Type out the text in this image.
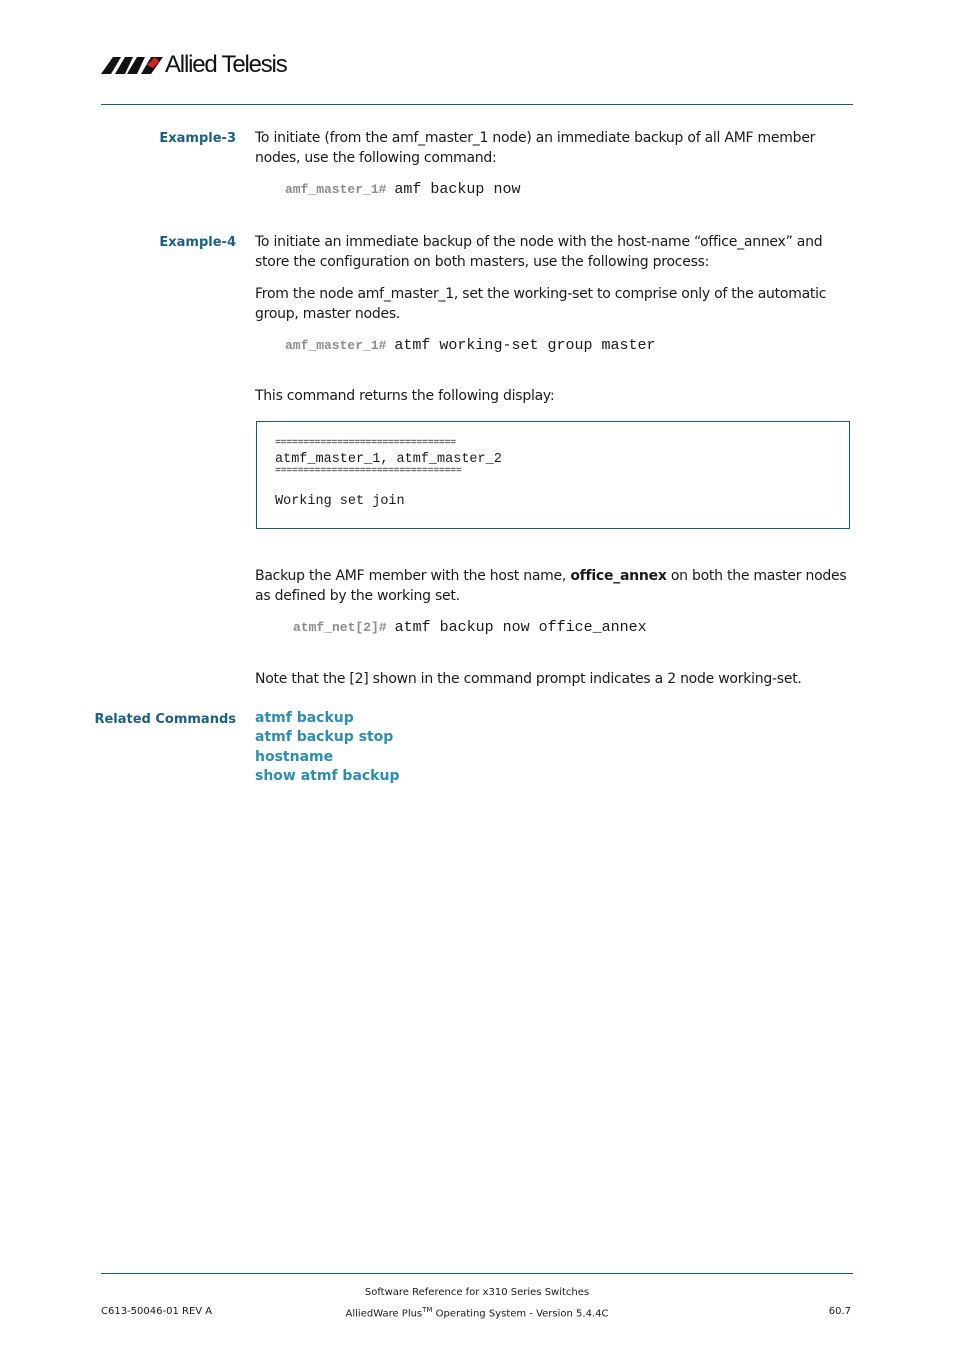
Allied Telesis
Example-3 To initiate (from the amf_master_1 node) an immediate backup of all AMF member nodes, use the following command:
amf_master_1# amf backup now
Example-4 To initiate an immediate backup of the node with the host-name “office_annex” and store the configuration on both masters, use the following process:
From the node amf_master_1, set the working-set to comprise only of the automatic group, master nodes.
amf_master_1# atmf working-set group master
This command returns the following display:
================================
atmf_master_1, atmf_master_2
=================================
Working set join
Backup the AMF member with the host name, office_annex on both the master nodes as defined by the working set.
atmf_net[2]# atmf backup now office_annex
Note that the [2] shown in the command prompt indicates a 2 node working-set.
Related Commands atmf backup
atmf backup stop
hostname
show atmf backup
Software Reference for x310 Series Switches
C613-50046-01 REV A	AlliedWare Plus™ Operating System - Version 5.4.4C	60.7
